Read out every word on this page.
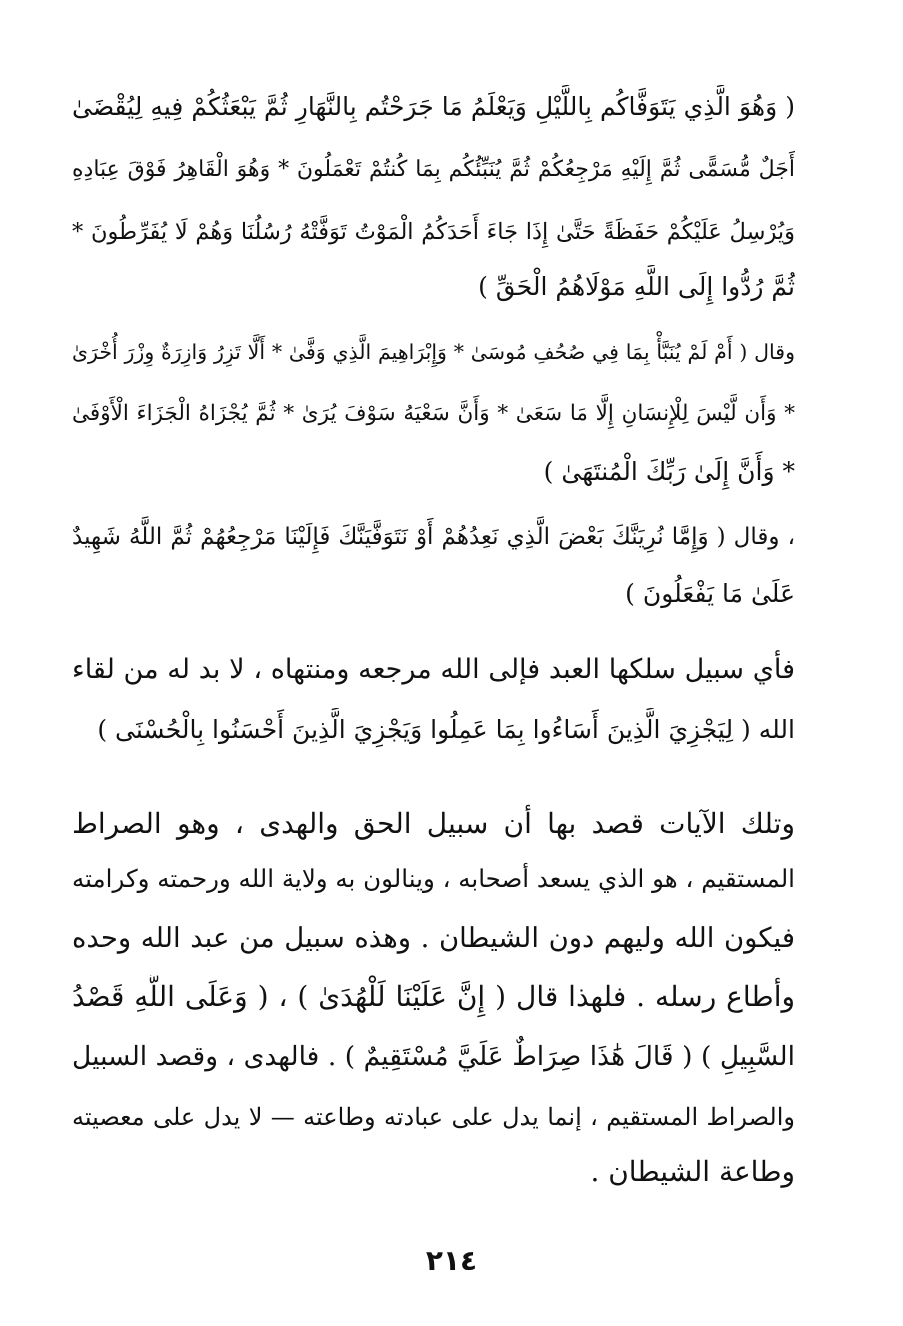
( وَهُوَ الَّذِي يَتَوَفَّاكُم بِاللَّيْلِ وَيَعْلَمُ مَا جَرَحْتُم بِالنَّهَارِ ثُمَّ يَبْعَثُكُمْ فِيهِ لِيُقْضَىٰ
أَجَلٌ مُّسَمًّى ثُمَّ إِلَيْهِ مَرْجِعُكُمْ ثُمَّ يُنَبِّئُكُم بِمَا كُنتُمْ تَعْمَلُونَ * وَهُوَ الْقَاهِرُ فَوْقَ عِبَادِهِ
وَيُرْسِلُ عَلَيْكُمْ حَفَظَةً حَتَّىٰ إِذَا جَاءَ أَحَدَكُمُ الْمَوْتُ تَوَفَّتْهُ رُسُلُنَا وَهُمْ لَا يُفَرِّطُونَ *
ثُمَّ رُدُّوا إِلَى اللَّهِ مَوْلَاهُمُ الْحَقِّ )
وقال ( أَمْ لَمْ يُنَبَّأْ بِمَا فِي صُحُفِ مُوسَىٰ * وَإِبْرَاهِيمَ الَّذِي وَفَّىٰ * أَلَّا تَزِرُ وَازِرَةٌ وِزْرَ أُخْرَىٰ
* وَأَن لَّيْسَ لِلْإِنسَانِ إِلَّا مَا سَعَىٰ * وَأَنَّ سَعْيَهُ سَوْفَ يُرَىٰ * ثُمَّ يُجْزَاهُ الْجَزَاءَ الْأَوْفَىٰ
* وَأَنَّ إِلَىٰ رَبِّكَ الْمُنتَهَىٰ )
، وقال ( وَإِمَّا نُرِيَنَّكَ بَعْضَ الَّذِي نَعِدُهُمْ أَوْ نَتَوَفَّيَنَّكَ فَإِلَيْنَا مَرْجِعُهُمْ ثُمَّ اللَّهُ شَهِيدٌ
عَلَىٰ مَا يَفْعَلُونَ )
فأي سبيل سلكها العبد فإلى الله مرجعه ومنتهاه ، لا بد له من لقاء
الله ( لِيَجْزِيَ الَّذِينَ أَسَاءُوا بِمَا عَمِلُوا وَيَجْزِيَ الَّذِينَ أَحْسَنُوا بِالْحُسْنَى )
وتلك الآيات قصد بها أن سبيل الحق والهدى ، وهو الصراط
المستقيم ، هو الذي يسعد أصحابه ، وينالون به ولاية الله ورحمته وكرامته
فيكون الله وليهم دون الشيطان . وهذه سبيل من عبد الله وحده
وأطاع رسله . فلهذا قال ( إِنَّ عَلَيْنَا لَلْهُدَىٰ ) ، ( وَعَلَى اللَّهِ قَصْدُ
السَّبِيلِ ) ( قَالَ هَٰذَا صِرَاطٌ عَلَيَّ مُسْتَقِيمٌ ) . فالهدى ، وقصد السبيل
والصراط المستقيم ، إنما يدل على عبادته وطاعته — لا يدل على معصيته
وطاعة الشيطان .
٢١٤
